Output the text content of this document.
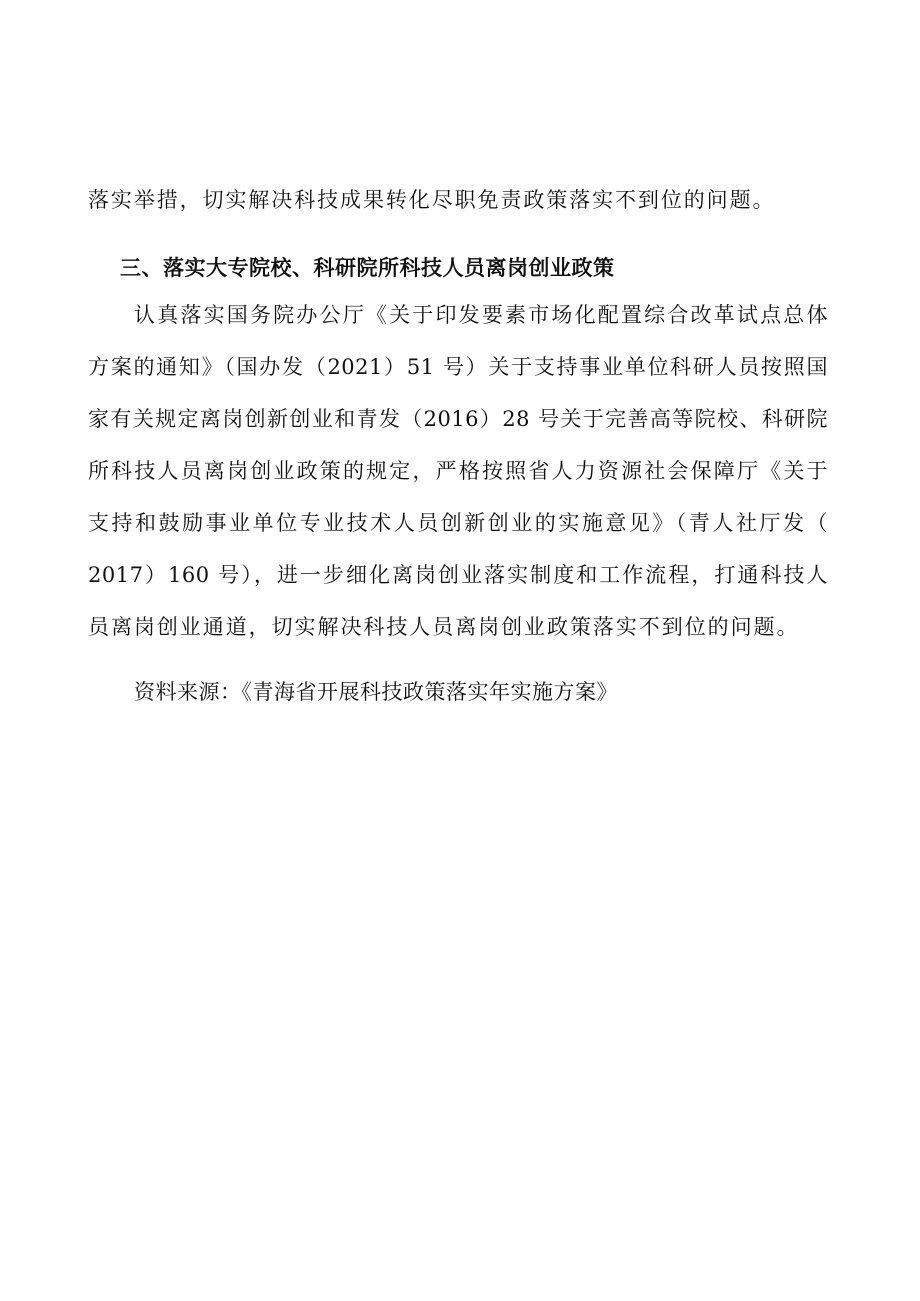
落实举措，切实解决科技成果转化尽职免责政策落实不到位的问题。
三、落实大专院校、科研院所科技人员离岗创业政策
认真落实国务院办公厅《关于印发要素市场化配置综合改革试点总体
方案的通知》（国办发（2021）51 号）关于支持事业单位科研人员按照国
家有关规定离岗创新创业和青发（2016）28 号关于完善高等院校、科研院
所科技人员离岗创业政策的规定，严格按照省人力资源社会保障厅《关于
支持和鼓励事业单位专业技术人员创新创业的实施意见》（青人社厅发（
2017）160 号），进一步细化离岗创业落实制度和工作流程，打通科技人
员离岗创业通道，切实解决科技人员离岗创业政策落实不到位的问题。
资料来源：《青海省开展科技政策落实年实施方案》
